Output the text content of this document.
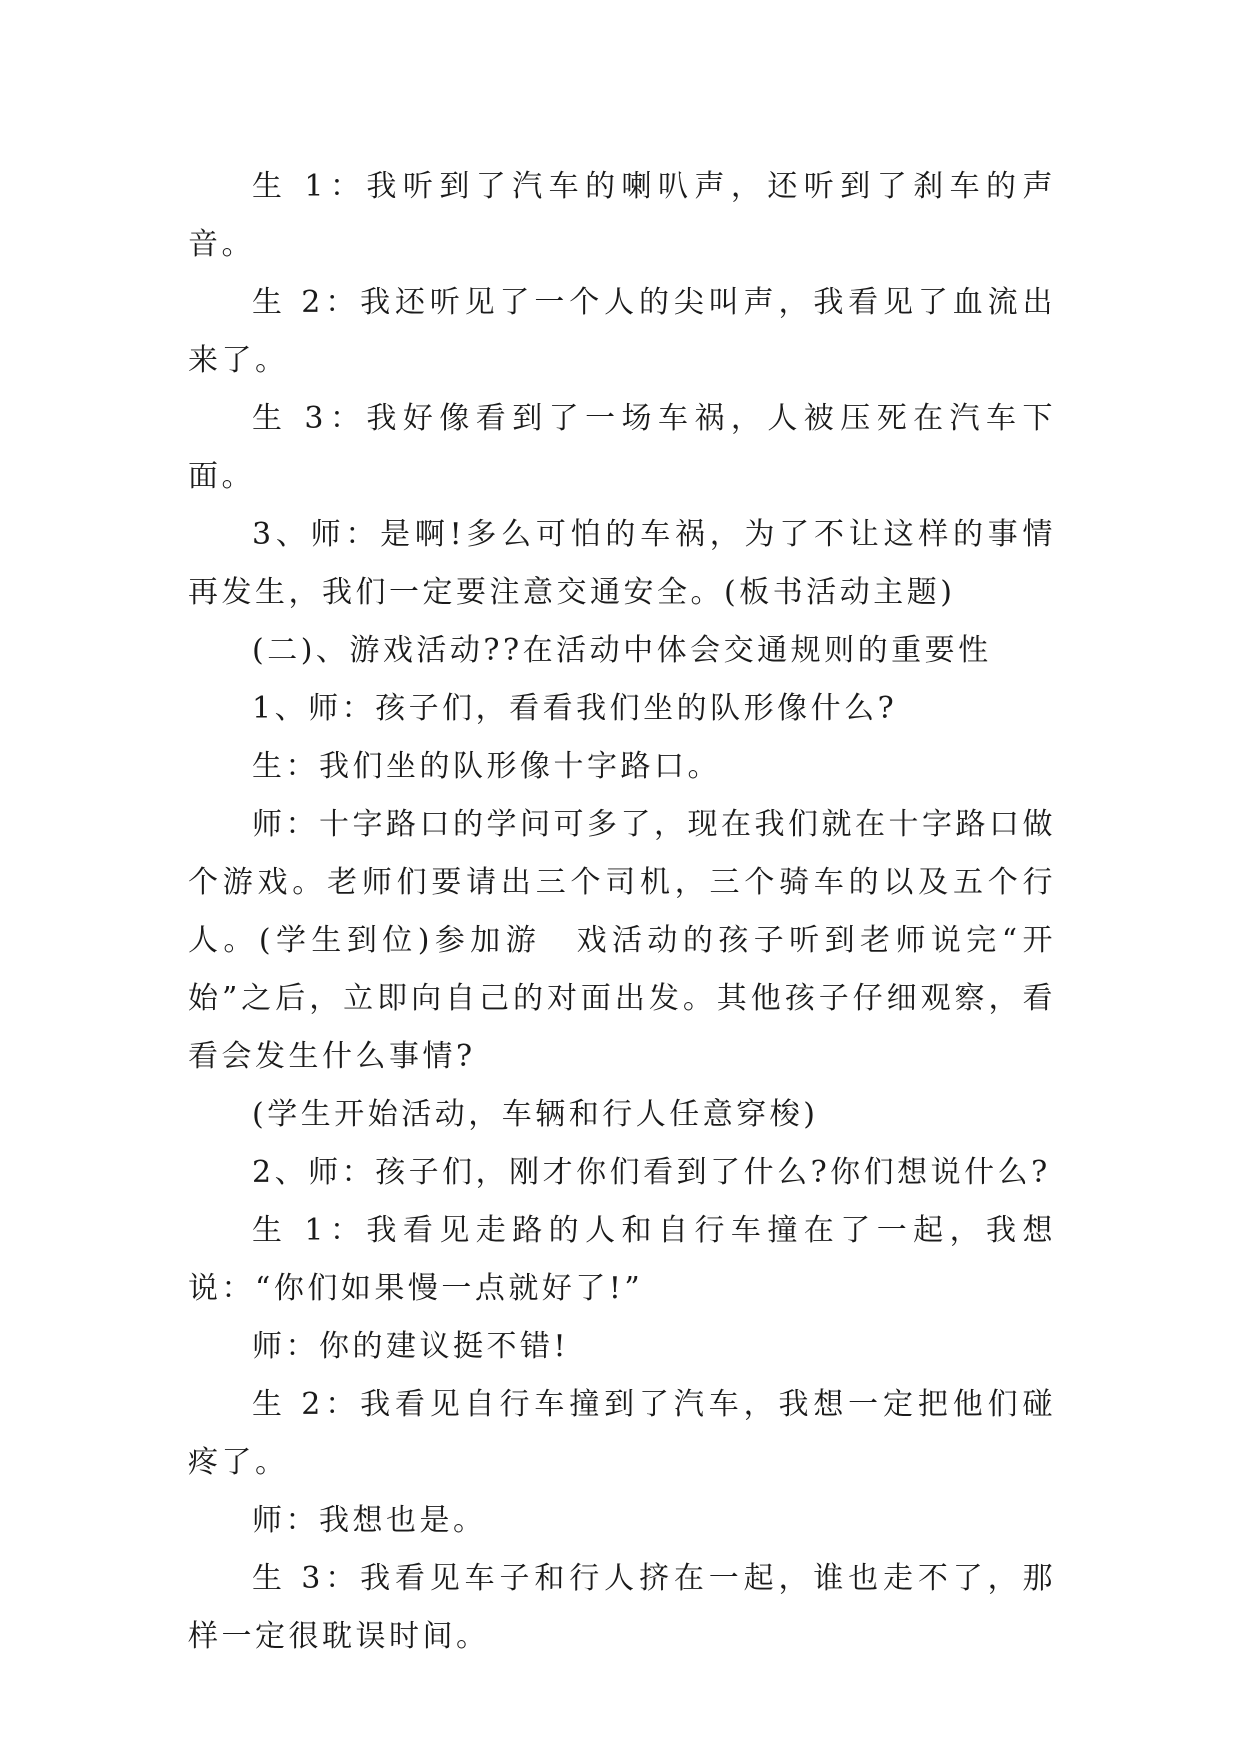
生 1：我听到了汽车的喇叭声，还听到了刹车的声音。

生 2：我还听见了一个人的尖叫声，我看见了血流出来了。

生 3：我好像看到了一场车祸，人被压死在汽车下面。

3、师：是啊!多么可怕的车祸，为了不让这样的事情再发生，我们一定要注意交通安全。(板书活动主题)

(二)、游戏活动??在活动中体会交通规则的重要性

1、师：孩子们，看看我们坐的队形像什么?

生：我们坐的队形像十字路口。

师：十字路口的学问可多了，现在我们就在十字路口做个游戏。老师们要请出三个司机，三个骑车的以及五个行人。(学生到位)参加游　戏活动的孩子听到老师说完“开始”之后，立即向自己的对面出发。其他孩子仔细观察，看看会发生什么事情?

(学生开始活动，车辆和行人任意穿梭)

2、师：孩子们，刚才你们看到了什么?你们想说什么?

生 1：我看见走路的人和自行车撞在了一起，我想说：“你们如果慢一点就好了!”

师：你的建议挺不错!

生 2：我看见自行车撞到了汽车，我想一定把他们碰疼了。

师：我想也是。

生 3：我看见车子和行人挤在一起，谁也走不了，那样一定很耽误时间。
